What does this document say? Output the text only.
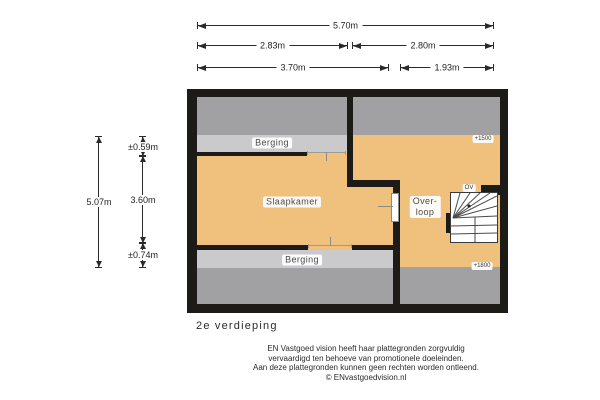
5.70m
2.83m	2.80m
3.70m	1.93m
5.07m
±0.59m
3.60m
±0.74m
Berging
Slaapkamer	Over-
loop
Berging
OV
+1500
+1800
2e verdieping
EN Vastgoed vision heeft haar plattegronden zorgvuldig
vervaardigd ten behoeve van promotionele doeleinden.
Aan deze plattegronden kunnen geen rechten worden ontleend.
© ENvastgoedvision.nl
